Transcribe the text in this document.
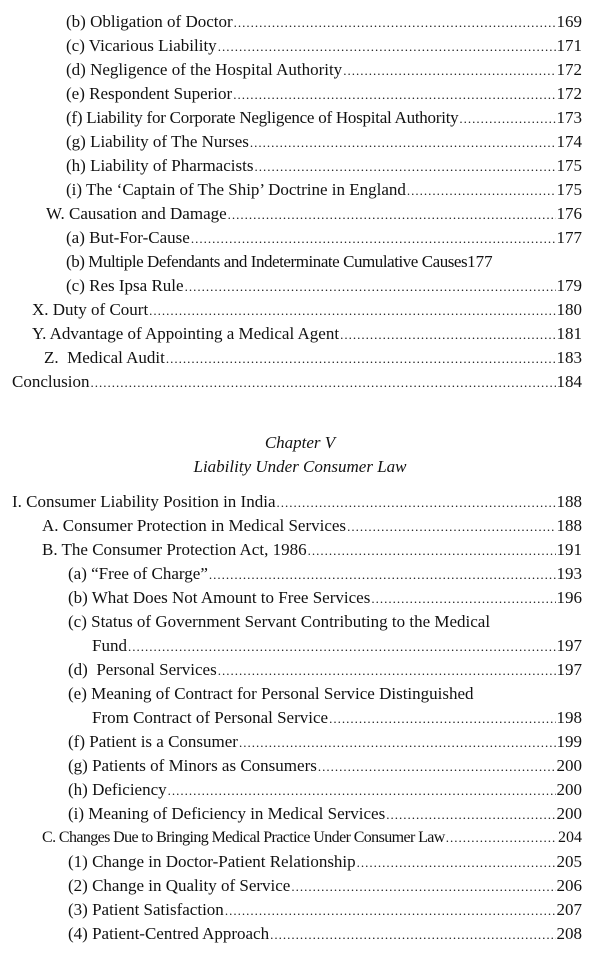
(b) Obligation of Doctor .....	169
(c) Vicarious Liability .....	171
(d) Negligence of the Hospital Authority .....	172
(e) Respondent Superior .....	172
(f) Liability for Corporate Negligence of Hospital Authority .....	173
(g) Liability of The Nurses .....	174
(h) Liability of Pharmacists .....	175
(i) The ‘Captain of The Ship’ Doctrine in England .....	175
W. Causation and Damage .....	176
(a) But-For-Cause .....	177
(b) Multiple Defendants and Indeterminate Cumulative Causes 177
(c) Res Ipsa Rule .....	179
X. Duty of Court .....	180
Y. Advantage of Appointing a Medical Agent .....	181
Z.  Medical Audit .....	183
Conclusion .....	184
Chapter V
Liability Under Consumer Law
I. Consumer Liability Position in India .....	188
A. Consumer Protection in Medical Services .....	188
B. The Consumer Protection Act, 1986 .....	191
(a) “Free of Charge” .....	193
(b) What Does Not Amount to Free Services .....	196
(c) Status of Government Servant Contributing to the Medical
Fund .....	197
(d)  Personal Services .....	197
(e) Meaning of Contract for Personal Service Distinguished
From Contract of Personal Service .....	198
(f) Patient is a Consumer .....	199
(g) Patients of Minors as Consumers .....	200
(h) Deficiency .....	200
(i) Meaning of Deficiency in Medical Services .....	200
C. Changes Due to Bringing Medical Practice Under Consumer Law .....	204
(1) Change in Doctor-Patient Relationship .....	205
(2) Change in Quality of Service .....	206
(3) Patient Satisfaction .....	207
(4) Patient-Centred Approach .....	208
